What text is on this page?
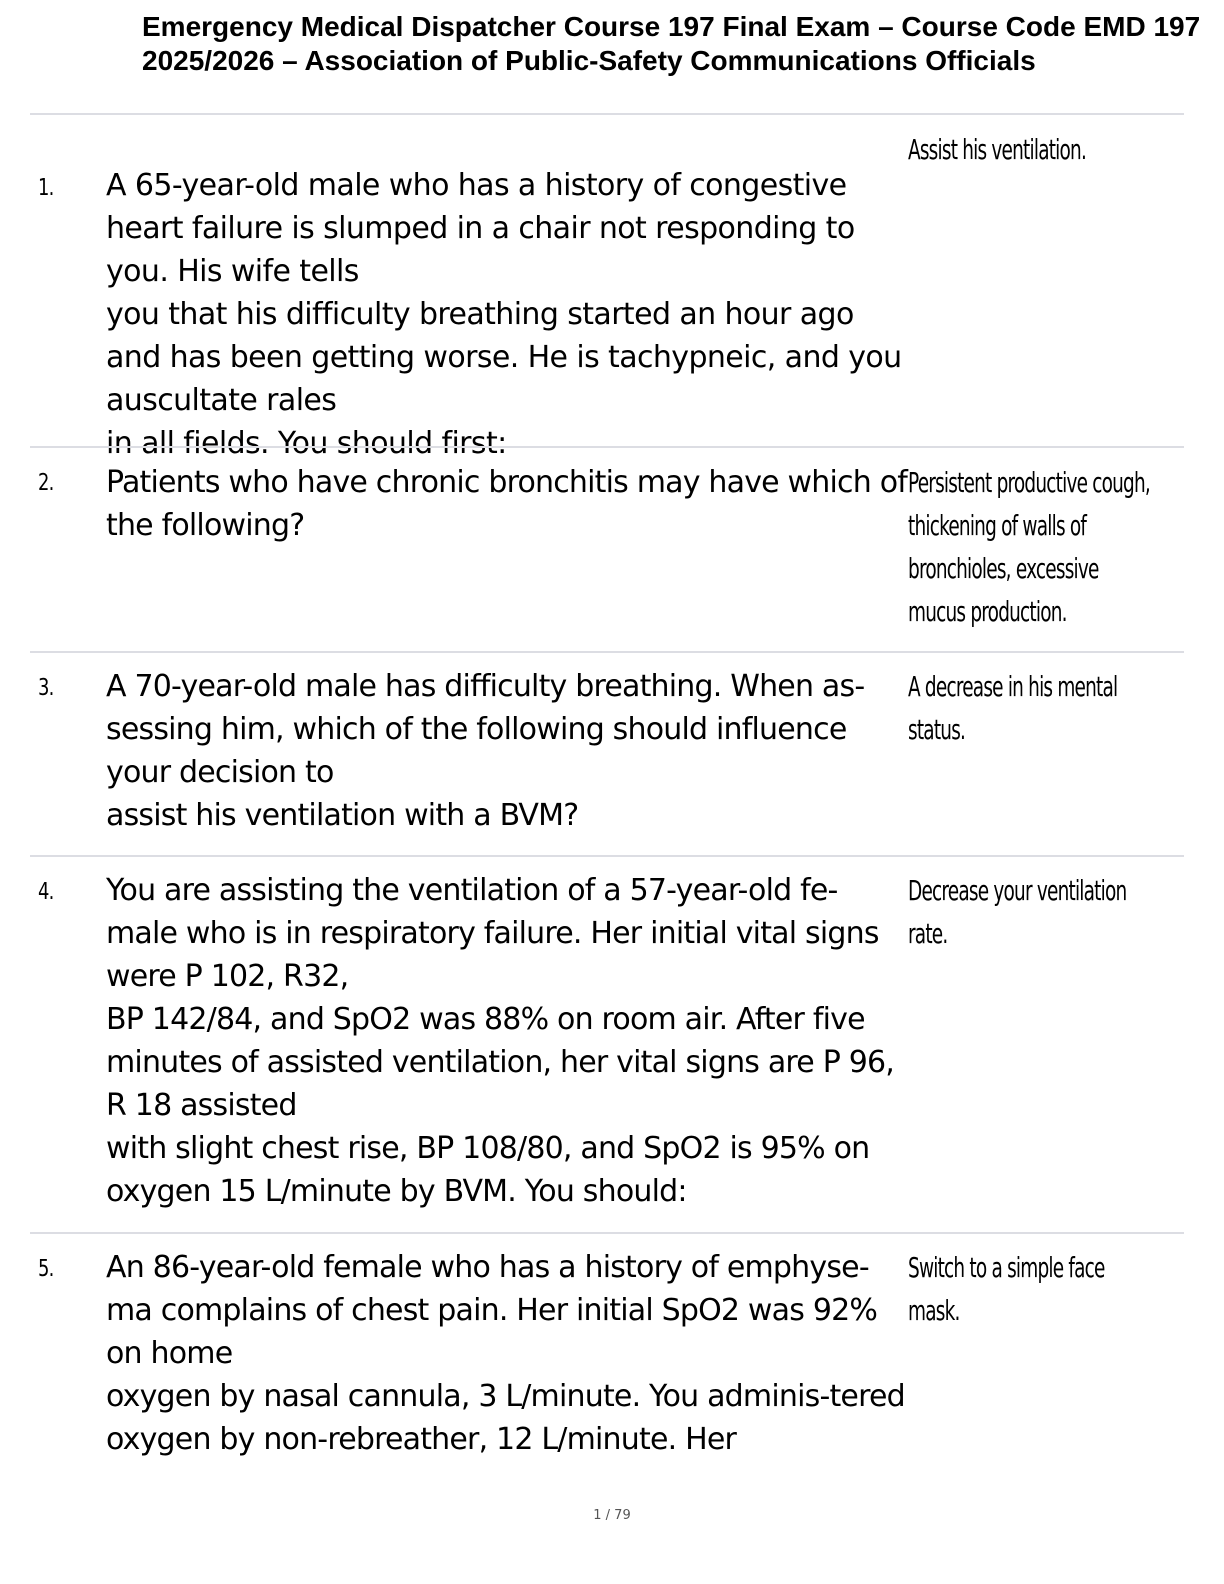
Emergency Medical Dispatcher Course 197 Final Exam – Course Code EMD 197 2025/2026 – Association of Public-Safety Communications Officials
1. A 65-year-old male who has a history of congestive heart failure is slumped in a chair not responding to you. His wife tells
you that his difficulty breathing started an hour ago and has been getting worse. He is tachypneic, and you auscultate rales
in all fields. You should first:
Assist his ventilation.
2. Patients who have chronic bronchitis may have which of the following?
Persistent productive cough, thickening of walls of bronchioles, excessive mucus production.
3. A 70-year-old male has difficulty breathing. When as-sessing him, which of the following should influence your decision to
assist his ventilation with a BVM?
A decrease in his mental status.
4. You are assisting the ventilation of a 57-year-old fe-male who is in respiratory failure. Her initial vital signs were P 102, R32,
BP 142/84, and SpO2 was 88% on room air. After five minutes of assisted ventilation, her vital signs are P 96, R 18 assisted
with slight chest rise, BP 108/80, and SpO2 is 95% on oxygen 15 L/minute by BVM. You should:
Decrease your ventilation rate.
5. An 86-year-old female who has a history of emphyse-ma complains of chest pain. Her initial SpO2 was 92% on home
oxygen by nasal cannula, 3 L/minute. You adminis-tered oxygen by non-rebreather, 12 L/minute. Her
Switch to a simple face mask.
1 / 79
